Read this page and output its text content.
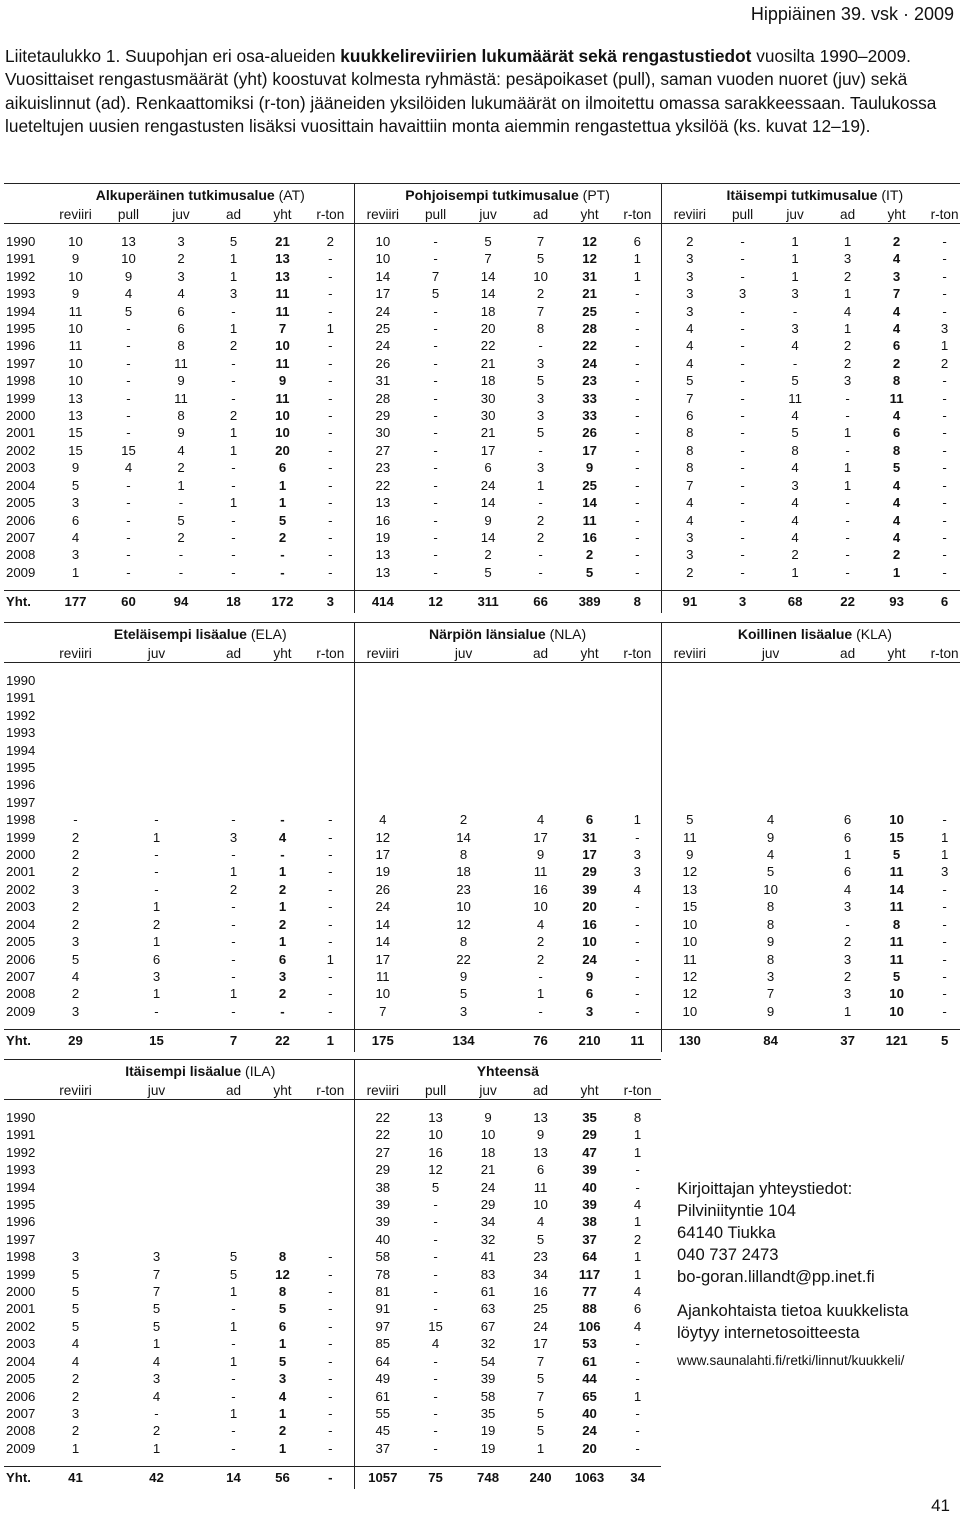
Hippiäinen 39. vsk · 2009
Liitetaulukko 1. Suupohjan eri osa-alueiden kuukkelireviirien lukumäärät sekä rengastustiedot vuosilta 1990–2009. Vuosittaiset rengastusmäärät (yht) koostuvat kolmesta ryhmästä: pesäpoikaset (pull), saman vuoden nuoret (juv) sekä aikuislinnut (ad). Renkaattomiksi (r-ton) jääneiden yksilöiden lukumäärät on ilmoitettu omassa sarakkeessaan. Taulukossa lueteltujen uusien rengastusten lisäksi vuosittain havaittiin monta aiemmin rengastettua yksilöä (ks. kuvat 12–19).
	Alkuperäinen tutkimusalue (AT)						Pohjoisempi tutkimusalue (PT)						Itäisempi tutkimusalue (IT)					
	reviiri	pull	juv	ad	yht	r-ton	reviiri	pull	juv	ad	yht	r-ton	reviiri	pull	juv	ad	yht	r-ton

1990	10	13	3	5	21	2	10	-	5	7	12	6	2	-	1	1	2	-
1991	9	10	2	1	13	-	10	-	7	5	12	1	3	-	1	3	4	-
1992	10	9	3	1	13	-	14	7	14	10	31	1	3	-	1	2	3	-
1993	9	4	4	3	11	-	17	5	14	2	21	-	3	3	3	1	7	-
1994	11	5	6	-	11	-	24	-	18	7	25	-	3	-	-	4	4	-
1995	10	-	6	1	7	1	25	-	20	8	28	-	4	-	3	1	4	3
1996	11	-	8	2	10	-	24	-	22	-	22	-	4	-	4	2	6	1
1997	10	-	11	-	11	-	26	-	21	3	24	-	4	-	-	2	2	2
1998	10	-	9	-	9	-	31	-	18	5	23	-	5	-	5	3	8	-
1999	13	-	11	-	11	-	28	-	30	3	33	-	7	-	11	-	11	-
2000	13	-	8	2	10	-	29	-	30	3	33	-	6	-	4	-	4	-
2001	15	-	9	1	10	-	30	-	21	5	26	-	8	-	5	1	6	-
2002	15	15	4	1	20	-	27	-	17	-	17	-	8	-	8	-	8	-
2003	9	4	2	-	6	-	23	-	6	3	9	-	8	-	4	1	5	-
2004	5	-	1	-	1	-	22	-	24	1	25	-	7	-	3	1	4	-
2005	3	-	-	1	1	-	13	-	14	-	14	-	4	-	4	-	4	-
2006	6	-	5	-	5	-	16	-	9	2	11	-	4	-	4	-	4	-
2007	4	-	2	-	2	-	19	-	14	2	16	-	3	-	4	-	4	-
2008	3	-	-	-	-	-	13	-	2	-	2	-	3	-	2	-	2	-
2009	1	-	-	-	-	-	13	-	5	-	5	-	2	-	1	-	1	-

Yht.	177	60	94	18	172	3	414	12	311	66	389	8	91	3	68	22	93	6
	Eteläisempi lisäalue (ELA)					Närpiön länsialue (NLA)					Koillinen lisäalue (KLA)				
	reviiri	juv	ad	yht	r-ton	reviiri	juv	ad	yht	r-ton	reviiri	juv	ad	yht	r-ton

1990															
1991															
1992															
1993															
1994															
1995															
1996															
1997															
1998	-	-	-	-	-	4	2	4	6	1	5	4	6	10	-
1999	2	1	3	4	-	12	14	17	31	-	11	9	6	15	1
2000	2	-	-	-	-	17	8	9	17	3	9	4	1	5	1
2001	2	-	1	1	-	19	18	11	29	3	12	5	6	11	3
2002	3	-	2	2	-	26	23	16	39	4	13	10	4	14	-
2003	2	1	-	1	-	24	10	10	20	-	15	8	3	11	-
2004	2	2	-	2	-	14	12	4	16	-	10	8	-	8	-
2005	3	1	-	1	-	14	8	2	10	-	10	9	2	11	-
2006	5	6	-	6	1	17	22	2	24	-	11	8	3	11	-
2007	4	3	-	3	-	11	9	-	9	-	12	3	2	5	-
2008	2	1	1	2	-	10	5	1	6	-	12	7	3	10	-
2009	3	-	-	-	-	7	3	-	3	-	10	9	1	10	-

Yht.	29	15	7	22	1	175	134	76	210	11	130	84	37	121	5
	Itäisempi lisäalue (ILA)					Yhteensä					
	reviiri	juv	ad	yht	r-ton	reviiri	pull	juv	ad	yht	r-ton

1990						22	13	9	13	35	8
1991						22	10	10	9	29	1
1992						27	16	18	13	47	1
1993						29	12	21	6	39	-
1994						38	5	24	11	40	-
1995						39	-	29	10	39	4
1996						39	-	34	4	38	1
1997						40	-	32	5	37	2
1998	3	3	5	8	-	58	-	41	23	64	1
1999	5	7	5	12	-	78	-	83	34	117	1
2000	5	7	1	8	-	81	-	61	16	77	4
2001	5	5	-	5	-	91	-	63	25	88	6
2002	5	5	1	6	-	97	15	67	24	106	4
2003	4	1	-	1	-	85	4	32	17	53	-
2004	4	4	1	5	-	64	-	54	7	61	-
2005	2	3	-	3	-	49	-	39	5	44	-
2006	2	4	-	4	-	61	-	58	7	65	1
2007	3	-	1	1	-	55	-	35	5	40	-
2008	2	2	-	2	-	45	-	19	5	24	-
2009	1	1	-	1	-	37	-	19	1	20	-

Yht.	41	42	14	56	-	1057	75	748	240	1063	34
Kirjoittajan yhteystiedot:
Pilviniityntie 104
64140 Tiukka
040 737 2473
bo-goran.lillandt@pp.inet.fi
Ajankohtaista tietoa kuukkelista
löytyy internetosoitteesta
www.saunalahti.fi/retki/linnut/kuukkeli/
41
